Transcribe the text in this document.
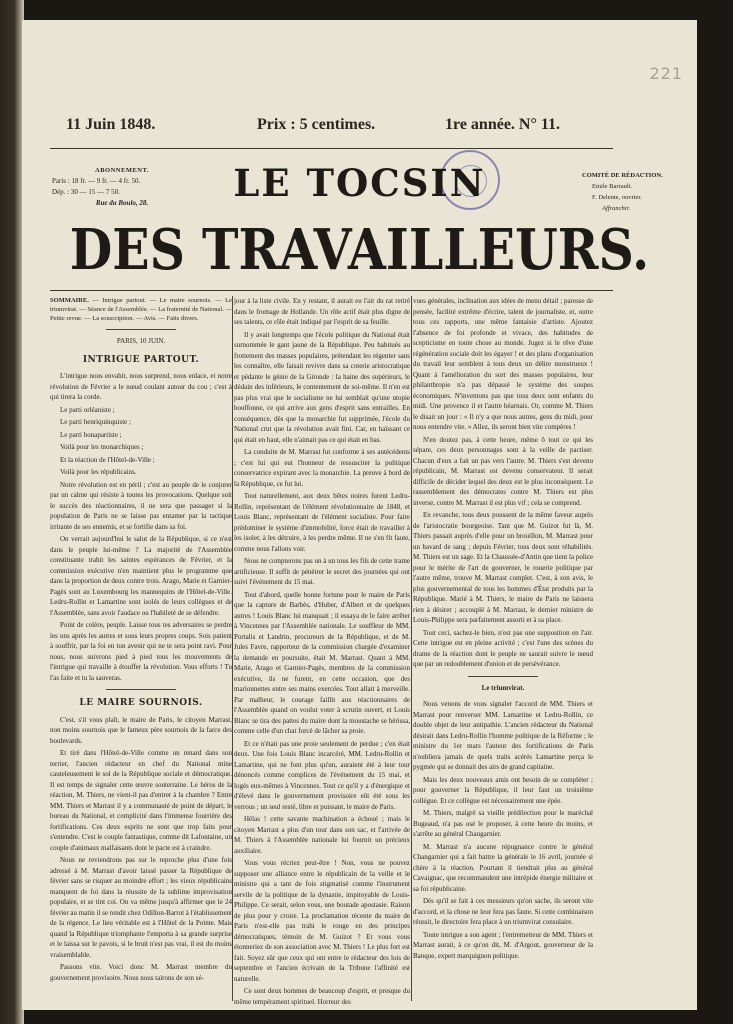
221
11 Juin 1848.	Prix : 5 centimes.	1re année. N° 11.
ABONNEMENT.
Paris : 18 fr. — 9 fr. — 4 fr. 50.
Dép. : 30 — 15 — 7 50.
Rue du Boulo, 28.
COMITÉ DE RÉDACTION.
Emile Barrault.
F. Delente, ouvrier.
Affranchir.
LE TOCSIN
DES TRAVAILLEURS.
SOMMAIRE. — Intrigue partout. — Le maire sournois. — Le triumvirat. — Séance de l'Assemblée. — La fraternité de National. — Petite revue. — La souscription. — Avis. — Faits divers.
PARIS, 10 JUIN.
INTRIGUE PARTOUT.

L'intrigue nous envahit, nous surprend, nous enlace, et notre révolution de Février a le nœud coulant autour du cou ; c'est à qui tirera la corde.

Le parti orléaniste ;

Le parti henriquinquiste ;

Le parti bonapartiste ;

Voilà pour les monarchiques ;

Et la réaction de l'Hôtel-de-Ville ;

Voilà pour les républicains.

Notre révolution est en péril ; c'est au peuple de le conjurer par un calme qui résiste à toutes les provocations. Quelque soit le succès des réactionnaires, il ne sera que passager si la population de Paris ne se laisse pas entamer par la tactique irritante de ses ennemis, et se fortifie dans sa foi.

On verrait aujourd'hui le salut de la République, si ce n'est dans le peuple lui-même ? La majorité de l'Assemblée constituante trahit les saintes espérances de Février, et la commission exécutive n'en maintient plus le programme que dans la proportion de deux contre trois. Arago, Marie et Garnier-Pagès sont au Luxembourg les mannequins de l'Hôtel-de-Ville. Ledru-Rollin et Lamartine sont isolés de leurs collègues et de l'Assemblée, sans avoir l'audace ou l'habileté de se défendre.

Point de colère, peuple. Laisse tous tes adversaires se perdre les uns après les autres et sous leurs propres coups. Sois patient à souffrir, par la foi en ton avenir qui ne te sera point ravi. Pour nous, nous suivrons pied à pied tous les mouvements de l'intrigue qui travaille à étouffer la révolution. Vous efforts ! Tu l'as faite et tu la sauveras.

LE MAIRE SOURNOIS.

C'est, s'il vous plaît, le maire de Paris, le citoyen Marrast, non moins sournois que le fameux père sournois de la farce des boulevards.

Et tiré dans l'Hôtel-de-Ville comme un renard dans son terrier, l'ancien rédacteur en chef du National mine cauteleusement le sol de la République sociale et démocratique. Il est temps de signaler cette œuvre souterraine. Le héros de la réaction, M. Thiers, ne vient-il pas d'entrer à la chambre ? Entre MM. Thiers et Marrast il y a communauté de point de départ, le bureau du National, et complicité dans l'immense fourrière des fortifications. Ces deux esprits ne sont que trop faits pour s'entendre. C'est le couple fantastique, comme dit Lafontaine, un couple d'animaux malfaisants dont le pacte est à craindre.

Nous ne reviendrons pas sur le reproche plus d'une fois adressé à M. Marrast d'avoir laissé passer la République de février sans se risquer au moindre effort ; les vieux républicains manquent de foi dans la réussite de la sublime improvisation populaire, et se tint coi. On va même jusqu'à affirmer que le 24 février au matin il se rendit chez Odillon-Barrot à l'établissement de la régence. Le lieu véritable est à l'Hôtel de la Pointe. Mais quand la République triomphante l'emporta à sa grande surprise et le laissa sur le pavois, si le bruit n'est pas vrai, il est du moins vraisemblable.

Passons vite. Voici donc M. Marrast membre du gouvernement provisoire. Nous nous tairons de son sé-

jour à la liste civile. En y restant, il aurait eu l'air du rat retiré dans le fromage de Hollande. Un rôle actif était plus digne de ses talents, ce rôle était indiqué par l'esprit de sa feuille.

Il y avait longtemps que l'école politique du National était surnommée le gant jaune de la République. Peu habitués au frottement des masses populaires, prétendant les régenter sans les connaître, elle faisait revivre dans sa coterie aristocratique et pédante le génie de la Gironde : la haine des supérieurs, le dédain des inférieurs, le contentement de soi-même. Il n'en est pas plus vrai que le socialisme ne lui semblait qu'une utopie bouffonne, ce qui arrive aux gens d'esprit sans entrailles. En conséquence, dès que la monarchie fut supprimée, l'école du National crut que la révolution avait fini. Car, en haïssant ce qui était en haut, elle n'aimait pas ce qui était en bas.

La conduite de M. Marrast fut conforme à ses antécédents ; c'est lui qui eut l'honneur de ressusciter la politique conservatrice expirant avec la monarchie. La preuve à bord de la République, ce fut lui.

Tout naturellement, aux deux bêtes noires furent Ledru-Rollin, représentant de l'élément révolutionnaire de 1848, et Louis Blanc, représentant de l'élément socialiste. Pour faire prédominer le système d'immobilité, force était de travailler à les isoler, à les détruire, à les perdre même. Il ne s'en fit faute, comme nous l'allons voir.

Nous ne compterons pas un à un tous les fils de cette trame artificieuse. Il suffit de pénétrer le secret des journées qui ont suivi l'événement du 15 mai.

Tout d'abord, quelle bonne fortune pour le maire de Paris que la capture de Barbès, d'Huber, d'Albert et de quelques autres ! Louis Blanc lui manquait ; il essaya de le faire arrêter à Vincennes par l'Assemblée nationale. Le souffleur de MM. Portalis et Landrin, procureurs de la République, et de M. Jules Favre, rapporteur de la commission chargée d'examiner la demande en poursuite, était M. Marrast. Quant à MM. Marie, Arago et Garnier-Pagès, membres de la commission exécutive, ils ne furent, en cette occasion, que des marionnettes entre ses mains exercées. Tout allait à merveille. Par malheur, le courage faillit aux réactionnaires de l'Assemblée quand on voulut voter à scrutin ouvert, et Louis Blanc se tira des pattes du maire dont la moustache se hérissa, comme celle d'un chat forcé de lâcher sa proie.

Et ce n'était pas une proie seulement de perdue ; c'en était deux. Une fois Louis Blanc incarcéré, MM. Ledru-Rollin et Lamartine, qui ne font plus qu'un, auraient été à leur tour dénoncés comme complices de l'événement du 15 mai, et logés eux-mêmes à Vincennes. Tout ce qu'il y a d'énergique et d'élevé dans le gouvernement provisoire eût été sous les verrous ; un seul resté, libre et puissant, le maire de Paris.

Hélas ! cette savante machination a échoué ; mais le citoyen Marrast a plus d'un tour dans son sac, et l'arrivée de M. Thiers à l'Assemblée nationale lui fournit un précieux auxiliaire.

Vous vous récriez peut-être ! Non, vous ne pouvez supposer une alliance entre le républicain de la veille et le ministre qui a tant de fois stigmatisé comme l'instrument servile de la politique de la dynastie, impitoyable de Louis-Philippe. Ce serait, selon vous, une boutade apostasie. Raison de plus pour y croire. La proclamation récente du maire de Paris n'est-elle pas trahi le rouge en des principes démocratiques, témoin de M. Guizot ? Et vous vous étonneriez de son association avec M. Thiers ! Le plus fort est fait. Soyez sûr que ceux qui ont entre le rédacteur des lois de septembre et l'ancien écrivain de la Tribune l'affinité est naturelle.

Ce sont deux hommes de beaucoup d'esprit, et presque du même tempérament spirituel. Horreur des

vues générales, inclination aux idées de menu détail ; paresse de pensée, facilité extrême d'écrire, talent de journaliste, et, outre tous ces rapports, une même fantaisie d'artiste. Ajoutez l'absence de foi profonde et vivace, des habitudes de scepticisme en toute chose au monde. Jugez si le rêve d'une régénération sociale doit les égayer ! et des plans d'organisation du travail leur semblent à tous deux un délire monstrueux ! Quant à l'amélioration du sort des masses populaires, leur philanthropie n'a pas dépassé le système des soupes économiques. N'inventons pas que tous deux sont enfants du midi. Une provence il et l'autre béarnais. Or, comme M. Thiers le disait un jour : « Il n'y a que nous autres, gens du midi, pour nous entendre vite. » Allez, ils seront bien vite compères !

N'en doutez pas, à cette heure, même ô tout ce qui les sépare, ces deux personnages sont à la veille de pactiser. Chacun d'eux a fait un pas vers l'autre. M. Thiers s'est devenu républicain, M. Marrast est devenu conservateur. Il serait difficile de décider lequel des deux est le plus inconséquent. Le rassemblement des démocrates contre M. Thiers est plus inverse, contre M. Marrast il est plus vif ; cela se comprend.

En revanche, tous deux poussent de la même faveur auprès de l'aristocratie bourgeoise. Tant que M. Guizot fut là, M. Thiers passait auprès d'elle pour un brouillon, M. Marrast pour un bavard de sang ; depuis Février, tous deux sont réhabilités. M. Thiers est un sage. Et la Chaussée-d'Antin que tient la police pour le mérite de l'art de gouverner, le rouerie politique par l'autre même, trouve M. Marrast complet. C'est, à son avis, le plus gouvernemental de tous les hommes d'État produits par la République. Marié à M. Thiers, le maire de Paris ne laissera rien à désirer ; accouplé à M. Marrast, le dernier ministre de Louis-Philippe sera parfaitement assorti et à sa place.

Tout ceci, sachez-le bien, n'est pas une supposition en l'air. Cette intrigue est en pleine activité ; c'est l'une des scènes du drame de la réaction dont le peuple ne saurait suivre le nœud que par un redoublement d'union et de persévérance.

Le triumvirat.

Nous venons de vous signaler l'accord de MM. Thiers et Marrast pour renverser MM. Lamartine et Ledru-Rollin, ce double objet de leur antipathie. L'ancien rédacteur du National désirait dans Ledru-Rollin l'homme politique de la Réforme ; le ministre du 1er mars l'auteur des fortifications de Paris n'oubliera jamais de quels traits acérés Lamartine perça le pygmée qui se donnait des airs de grand capitaine.

Mais les deux nouveaux amis ont besoin de se compléter ; pour gouverner la République, il leur faut un troisième collègue. Et ce collègue est nécessairement une épée.

M. Thiers, malgré sa vieille prédilection pour le maréchal Bugeaud, n'a pas osé le proposer, à cette heure du moins, et s'arrête au général Changarnier.

M. Marrast n'a aucune répugnance contre le général Changarnier qui a fait battre la générale le 16 avril, journée si chère à la réaction. Pourtant il tiendrait plus au général Cavaignac, que recommandent une intrépide énergie militaire et sa foi républicaine.

Dès qu'il se fait à ces messieurs qu'on sache, ils seront vite d'accord, et la chose ne leur fera pas faute. Si cette combinaison réussit, le directoire fera place à un triumvirat consulaire.

Toute intrigue a son agent ; l'entremetteur de MM. Thiers et Marrast aurait, à ce qu'on dit, M. d'Argout, gouverneur de la Banque, expert marquignon politique.
